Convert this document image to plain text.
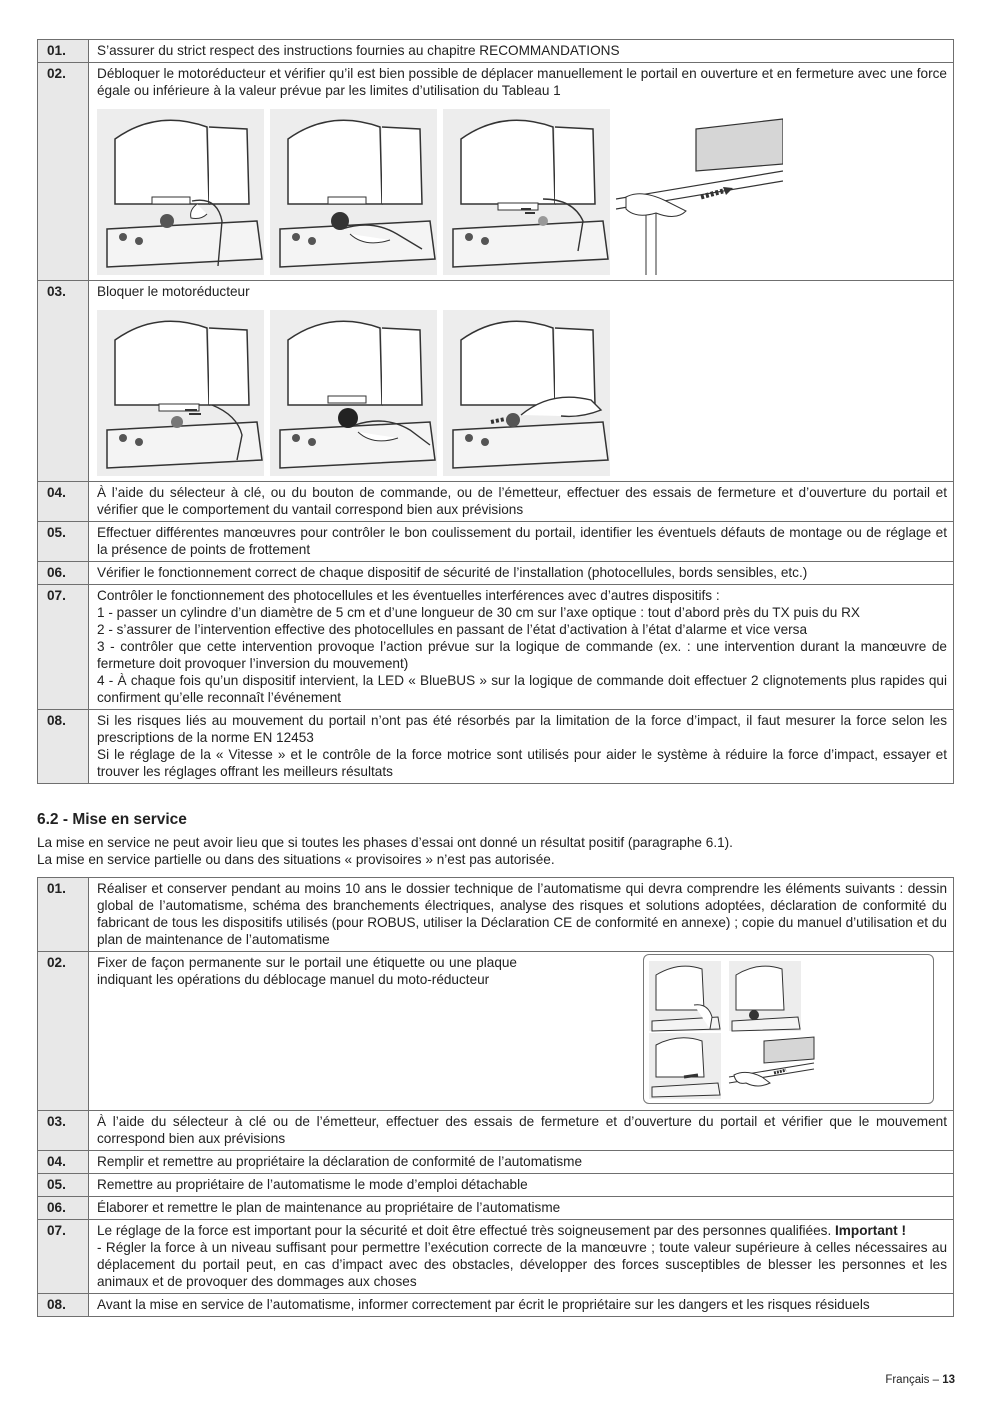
01.	S’assurer du strict respect des instructions fournies au chapitre RECOMMANDATIONS
02.	Débloquer le motoréducteur et vérifier qu’il est bien possible de déplacer manuellement le portail en ouverture et en fermeture avec une force égale ou inférieure à la valeur prévue par les limites d’utilisation du Tableau 1

03.	Bloquer le motoréducteur

04.	À l’aide du sélecteur à clé, ou du bouton de commande, ou de l’émetteur, effectuer des essais de fermeture et d’ouverture du portail et vérifier que le comportement du vantail correspond bien aux prévisions
05.	Effectuer différentes manœuvres pour contrôler le bon coulissement du portail, identifier les éventuels défauts de montage ou de réglage et la présence de points de frottement
06.	Vérifier le fonctionnement correct de chaque dispositif de sécurité de l’installation (photocellules, bords sensibles, etc.)
07.	Contrôler le fonctionnement des photocellules et les éventuelles interférences avec d’autres dispositifs :
1 - passer un cylindre d’un diamètre de 5 cm et d’une longueur de 30 cm sur l’axe optique : tout d’abord près du TX puis du RX
2 - s’assurer de l’intervention effective des photocellules en passant de l’état d’activation à l’état d’alarme et vice versa
3 - contrôler que cette intervention provoque l’action prévue sur la logique de commande (ex. : une intervention durant la manœuvre de fermeture doit provoquer l’inversion du mouvement)
4 - À chaque fois qu’un dispositif intervient, la LED « BlueBUS » sur la logique de commande doit effectuer 2 clignotements plus rapides qui confirment qu’elle reconnaît l’événement

08.	Si les risques liés au mouvement du portail n’ont pas été résorbés par la limitation de la force d’impact, il faut mesurer la force selon les prescriptions de la norme EN 12453
Si le réglage de la « Vitesse » et le contrôle de la force motrice sont utilisés pour aider le système à réduire la force d’impact, essayer et trouver les réglages offrant les meilleurs résultats
6.2 - Mise en service
La mise en service ne peut avoir lieu que si toutes les phases d’essai ont donné un résultat positif (paragraphe 6.1).
La mise en service partielle ou dans des situations « provisoires » n’est pas autorisée.
01.	Réaliser et conserver pendant au moins 10 ans le dossier technique de l’automatisme qui devra comprendre les éléments suivants : dessin global de l’automatisme, schéma des branchements électriques, analyse des risques et solutions adoptées, déclaration de conformité du fabricant de tous les dispositifs utilisés (pour ROBUS, utiliser la Déclaration CE de conformité en annexe) ; copie du manuel d’utilisation et du plan de maintenance de l’automatisme
02.	Fixer de façon permanente sur le portail une étiquette ou une plaque indiquant les opérations du déblocage manuel du moto-réducteur

03.	À l’aide du sélecteur à clé ou de l’émetteur, effectuer des essais de fermeture et d’ouverture du portail et vérifier que le mouvement correspond bien aux prévisions
04.	Remplir et remettre au propriétaire la déclaration de conformité de l’automatisme
05.	Remettre au propriétaire de l’automatisme le mode d’emploi détachable
06.	Élaborer et remettre le plan de maintenance au propriétaire de l’automatisme
07.	Le réglage de la force est important pour la sécurité et doit être effectué très soigneusement par des personnes qualifiées. Important !
- Régler la force à un niveau suffisant pour permettre l’exécution correcte de la manœuvre ; toute valeur supérieure à celles nécessaires au déplacement du portail peut, en cas d’impact avec des obstacles, développer des forces susceptibles de blesser les personnes et les animaux et de provoquer des dommages aux choses
08.	Avant la mise en service de l’automatisme, informer correctement par écrit le propriétaire sur les dangers et les risques résiduels
Français – 13
